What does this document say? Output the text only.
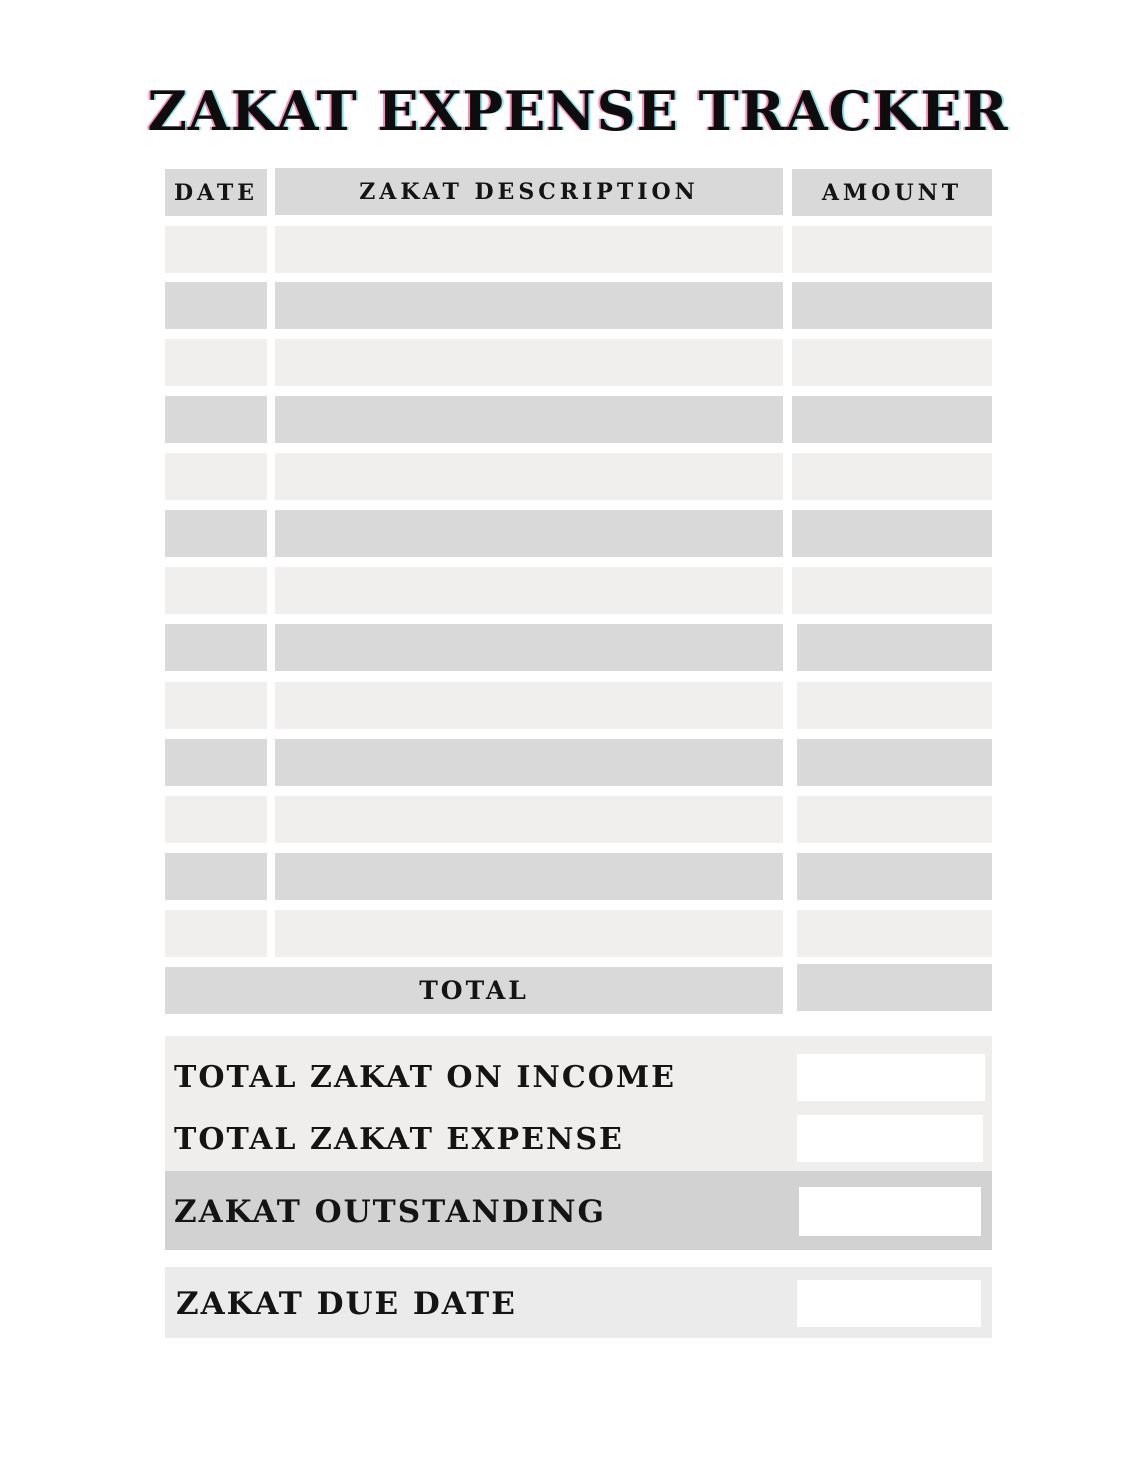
ZAKAT EXPENSE TRACKER
DATE	ZAKAT DESCRIPTION	AMOUNT
TOTAL
TOTAL ZAKAT ON INCOME
TOTAL ZAKAT EXPENSE
ZAKAT OUTSTANDING
ZAKAT DUE DATE
